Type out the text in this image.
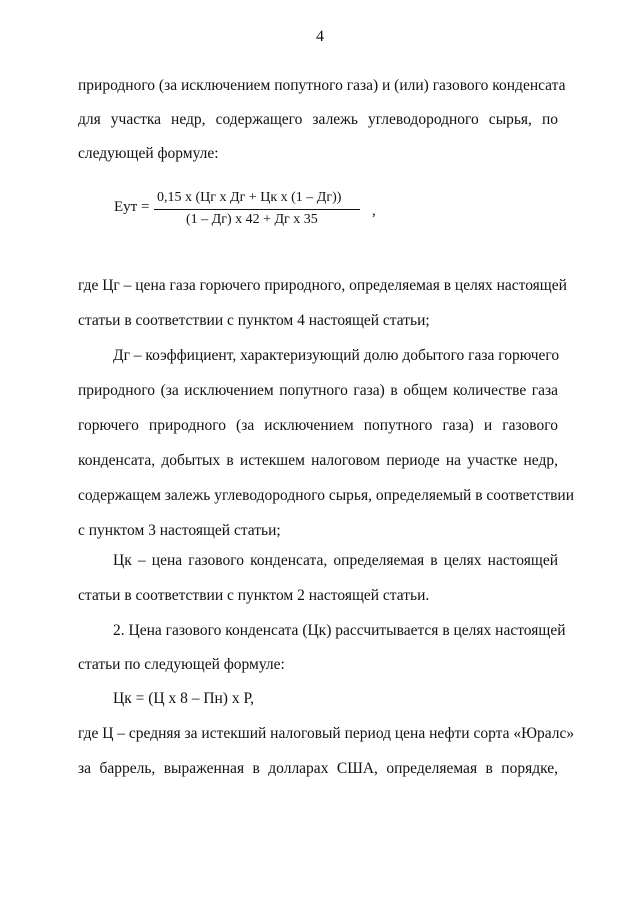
4
природного (за исключением попутного газа) и (или) газового конденсата
для участка недр, содержащего залежь углеводородного сырья, по
следующей формуле:
Еут =
0,15 х (Цг х Дг + Цк х (1 – Дг))
(1 – Дг) х 42 + Дг х 35
,
где Цг – цена газа горючего природного, определяемая в целях настоящей
статьи в соответствии с пунктом 4 настоящей статьи;
Дг – коэффициент, характеризующий долю добытого газа горючего
природного (за исключением попутного газа) в общем количестве газа
горючего природного (за исключением попутного газа) и газового
конденсата, добытых в истекшем налоговом периоде на участке недр,
содержащем залежь углеводородного сырья, определяемый в соответствии
с пунктом 3 настоящей статьи;
Цк – цена газового конденсата, определяемая в целях настоящей
статьи в соответствии с пунктом 2 настоящей статьи.
2. Цена газового конденсата (Цк) рассчитывается в целях настоящей
статьи по следующей формуле:
Цк = (Ц х 8 – Пн) х Р,
где Ц – средняя за истекший налоговый период цена нефти сорта «Юралс»
за баррель, выраженная в долларах США, определяемая в порядке,
